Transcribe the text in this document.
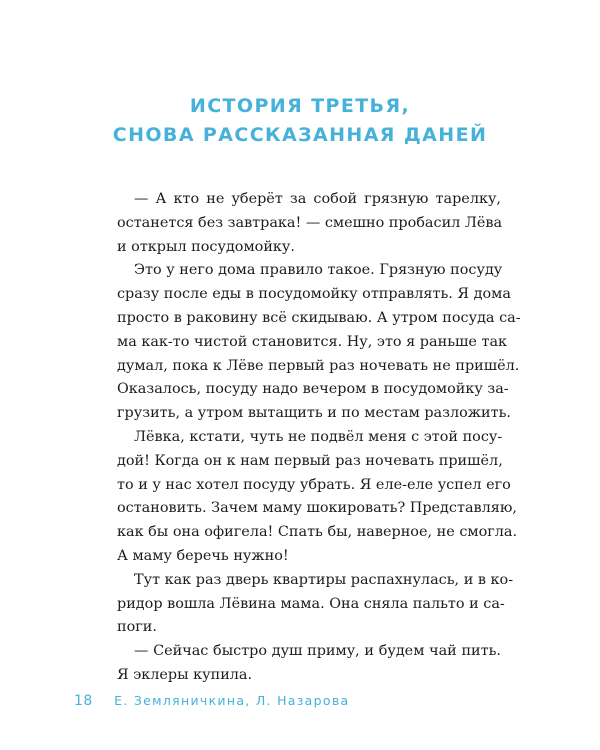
ИСТОРИЯ ТРЕТЬЯ,
СНОВА РАССКАЗАННАЯ ДАНЕЙ
— А кто не уберёт за собой грязную тарелку,
останется без завтрака! — смешно пробасил Лёва
и открыл посудомойку.
Это у него дома правило такое. Грязную посуду
сразу после еды в посудомойку отправлять. Я дома
просто в раковину всё скидываю. А утром посуда са-
ма как-то чистой становится. Ну, это я раньше так
думал, пока к Лёве первый раз ночевать не пришёл.
Оказалось, посуду надо вечером в посудомойку за-
грузить, а утром вытащить и по местам разложить.
Лёвка, кстати, чуть не подвёл меня с этой посу-
дой! Когда он к нам первый раз ночевать пришёл,
то и у нас хотел посуду убрать. Я еле-еле успел его
остановить. Зачем маму шокировать? Представляю,
как бы она офигела! Спать бы, наверное, не смогла.
А маму беречь нужно!
Тут как раз дверь квартиры распахнулась, и в ко-
ридор вошла Лёвина мама. Она сняла пальто и са-
поги.
— Сейчас быстро душ приму, и будем чай пить.
Я эклеры купила.
18 Е. Земляничкина, Л. Назарова
